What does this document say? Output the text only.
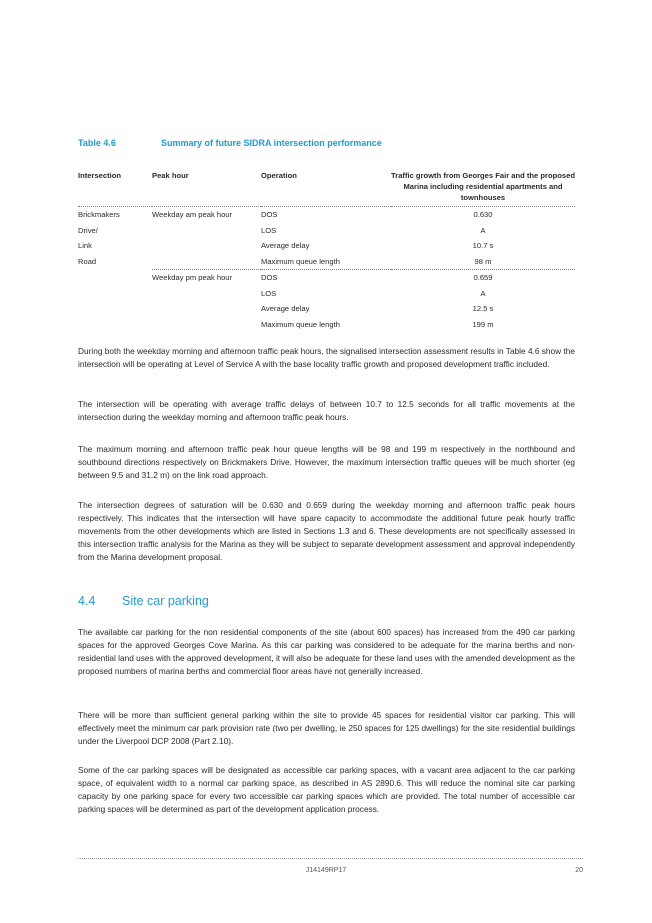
Table 4.6	Summary of future SIDRA intersection performance
Intersection	Peak hour	Operation	Traffic growth from Georges Fair and the proposed Marina including residential apartments and townhouses
Brickmakers	Weekday am peak hour	DOS	0.630
Drive/		LOS	A
Link		Average delay	10.7 s
Road		Maximum queue length	98 m
	Weekday pm peak hour	DOS	0.659
		LOS	A
		Average delay	12.5 s
		Maximum queue length	199 m

During both the weekday morning and afternoon traffic peak hours, the signalised intersection assessment results in Table 4.6 show the intersection will be operating at Level of Service A with the base locality traffic growth and proposed development traffic included.

The intersection will be operating with average traffic delays of between 10.7 to 12.5 seconds for all traffic movements at the intersection during the weekday morning and afternoon traffic peak hours.

The maximum morning and afternoon traffic peak hour queue lengths will be 98 and 199 m respectively in the northbound and southbound directions respectively on Brickmakers Drive. However, the maximum intersection traffic queues will be much shorter (eg between 9.5 and 31.2 m) on the link road approach.

The intersection degrees of saturation will be 0.630 and 0.659 during the weekday morning and afternoon traffic peak hours respectively. This indicates that the intersection will have spare capacity to accommodate the additional future peak hourly traffic movements from the other developments which are listed in Sections 1.3 and 6. These developments are not specifically assessed in this intersection traffic analysis for the Marina as they will be subject to separate development assessment and approval independently from the Marina development proposal.

4.4 Site car parking

The available car parking for the non residential components of the site (about 600 spaces) has increased from the 490 car parking spaces for the approved Georges Cove Marina. As this car parking was considered to be adequate for the marina berths and non-residential land uses with the approved development, it will also be adequate for these land uses with the amended development as the proposed numbers of marina berths and commercial floor areas have not generally increased.

There will be more than sufficient general parking within the site to provide 45 spaces for residential visitor car parking. This will effectively meet the minimum car park provision rate (two per dwelling, ie 250 spaces for 125 dwellings) for the site residential buildings under the Liverpool DCP 2008 (Part 2.10).

Some of the car parking spaces will be designated as accessible car parking spaces, with a vacant area adjacent to the car parking space, of equivalent width to a normal car parking space, as described in AS 2890.6. This will reduce the nominal site car parking capacity by one parking space for every two accessible car parking spaces which are provided. The total number of accessible car parking spaces will be determined as part of the development application process.

J14149RP17	20
